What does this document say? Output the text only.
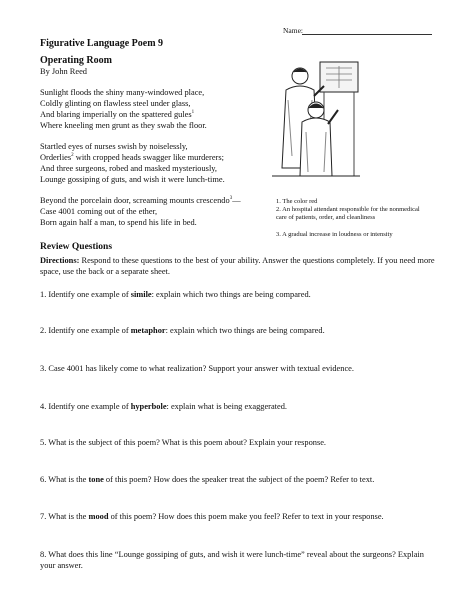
Name:
Figurative Language Poem 9
Operating Room
By John Reed
Sunlight floods the shiny many-windowed place,
Coldly glinting on flawless steel under glass,
And blaring imperially on the spattered gules$^1$
Where kneeling men grunt as they swab the floor.
Startled eyes of nurses swish by noiselessly,
Orderlies$^2$ with cropped heads swagger like murderers;
And three surgeons, robed and masked mysteriously,
Lounge gossiping of guts, and wish it were lunch-time.
Beyond the porcelain door, screaming mounts crescendo$^3$—
Case 4001 coming out of the ether,
Born again half a man, to spend his life in bed.
1. The color red
2. An hospital attendant responsible for the nonmedical care of patients, order, and cleanliness
3. A gradual increase in loudness or intensity
Review Questions
Directions: Respond to these questions to the best of your ability. Answer the questions completely. If you need more space, use the back or a separate sheet.
1. Identify one example of simile: explain which two things are being compared.
2. Identify one example of metaphor: explain which two things are being compared.
3. Case 4001 has likely come to what realization? Support your answer with textual evidence.
4. Identify one example of hyperbole: explain what is being exaggerated.
5. What is the subject of this poem? What is this poem about? Explain your response.
6. What is the tone of this poem? How does the speaker treat the subject of the poem? Refer to text.
7. What is the mood of this poem? How does this poem make you feel? Refer to text in your response.
8. What does this line “Lounge gossiping of guts, and wish it were lunch-time” reveal about the surgeons? Explain your answer.
